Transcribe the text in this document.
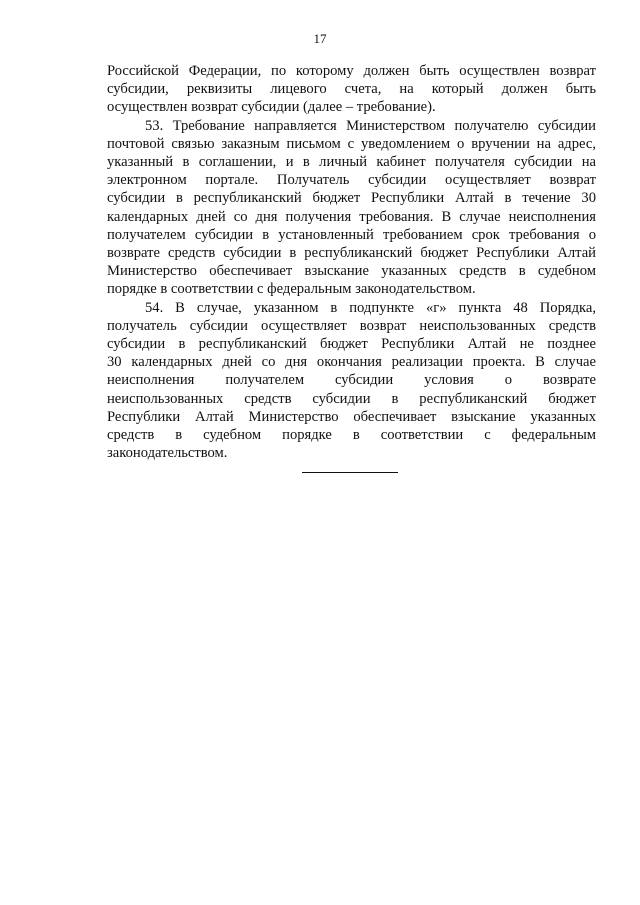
17
Российской Федерации, по которому должен быть осуществлен возврат
субсидии, реквизиты лицевого счета, на который должен быть
осуществлен возврат субсидии (далее – требование).
53. Требование направляется Министерством получателю субсидии
почтовой связью заказным письмом с уведомлением о вручении на адрес,
указанный в соглашении, и в личный кабинет получателя субсидии на
электронном портале. Получатель субсидии осуществляет возврат
субсидии в республиканский бюджет Республики Алтай в течение 30
календарных дней со дня получения требования. В случае неисполнения
получателем субсидии в установленный требованием срок требования о
возврате средств субсидии в республиканский бюджет Республики Алтай
Министерство обеспечивает взыскание указанных средств в судебном
порядке в соответствии с федеральным законодательством.
54. В случае, указанном в подпункте «г» пункта 48 Порядка,
получатель субсидии осуществляет возврат неиспользованных средств
субсидии в республиканский бюджет Республики Алтай не позднее
30 календарных дней со дня окончания реализации проекта. В случае
неисполнения получателем субсидии условия о возврате
неиспользованных средств субсидии в республиканский бюджет
Республики Алтай Министерство обеспечивает взыскание указанных
средств в судебном порядке в соответствии с федеральным
законодательством.
